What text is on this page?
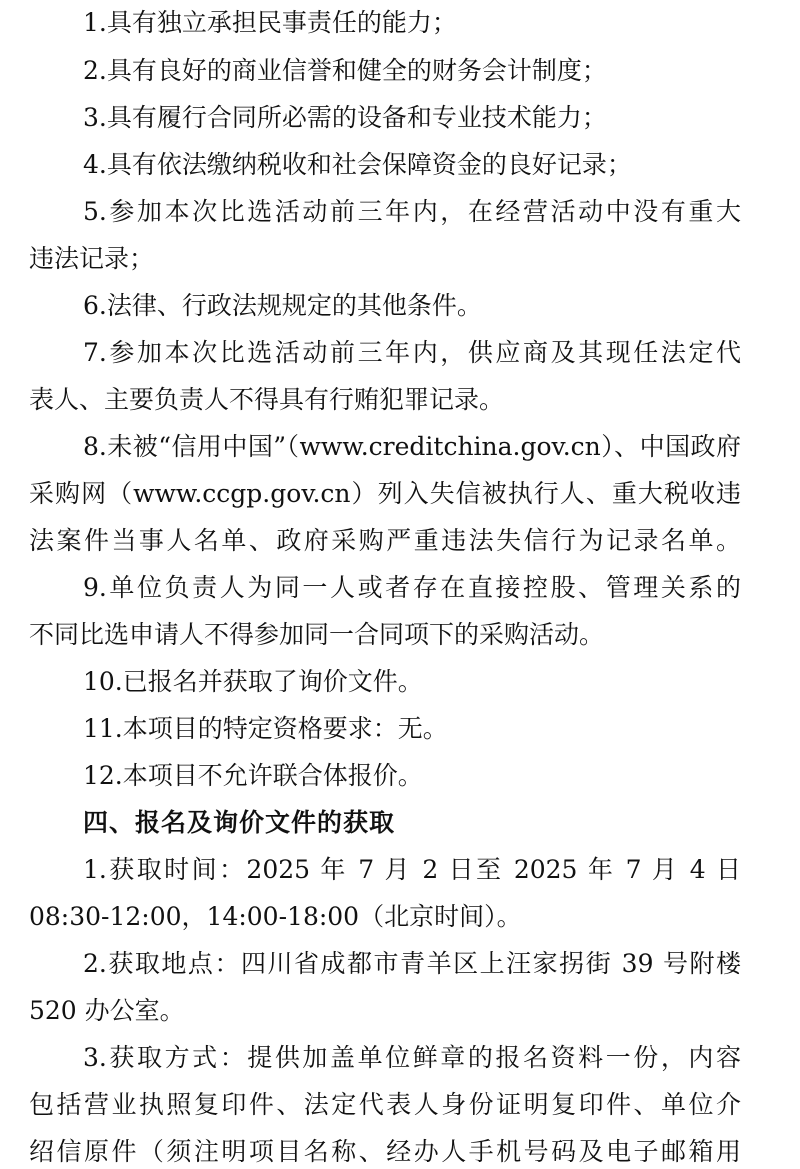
1.具有独立承担民事责任的能力；
2.具有良好的商业信誉和健全的财务会计制度；
3.具有履行合同所必需的设备和专业技术能力；
4.具有依法缴纳税收和社会保障资金的良好记录；
5.参加本次比选活动前三年内，在经营活动中没有重大
违法记录；
6.法律、行政法规规定的其他条件。
7.参加本次比选活动前三年内，供应商及其现任法定代
表人、主要负责人不得具有行贿犯罪记录。
8.未被“信用中国”（www.creditchina.gov.cn）、中国政府
采购网（www.ccgp.gov.cn）列入失信被执行人、重大税收违
法案件当事人名单、政府采购严重违法失信行为记录名单。
9.单位负责人为同一人或者存在直接控股、管理关系的
不同比选申请人不得参加同一合同项下的采购活动。
10.已报名并获取了询价文件。
11.本项目的特定资格要求：无。
12.本项目不允许联合体报价。
四、报名及询价文件的获取
1.获取时间：2025 年 7 月 2 日至 2025 年 7 月 4 日
08:30-12:00，14:00-18:00（北京时间）。
2.获取地点：四川省成都市青羊区上汪家拐街 39 号附楼
520 办公室。
3.获取方式：提供加盖单位鲜章的报名资料一份，内容
包括营业执照复印件、法定代表人身份证明复印件、单位介
绍信原件（须注明项目名称、经办人手机号码及电子邮箱用
